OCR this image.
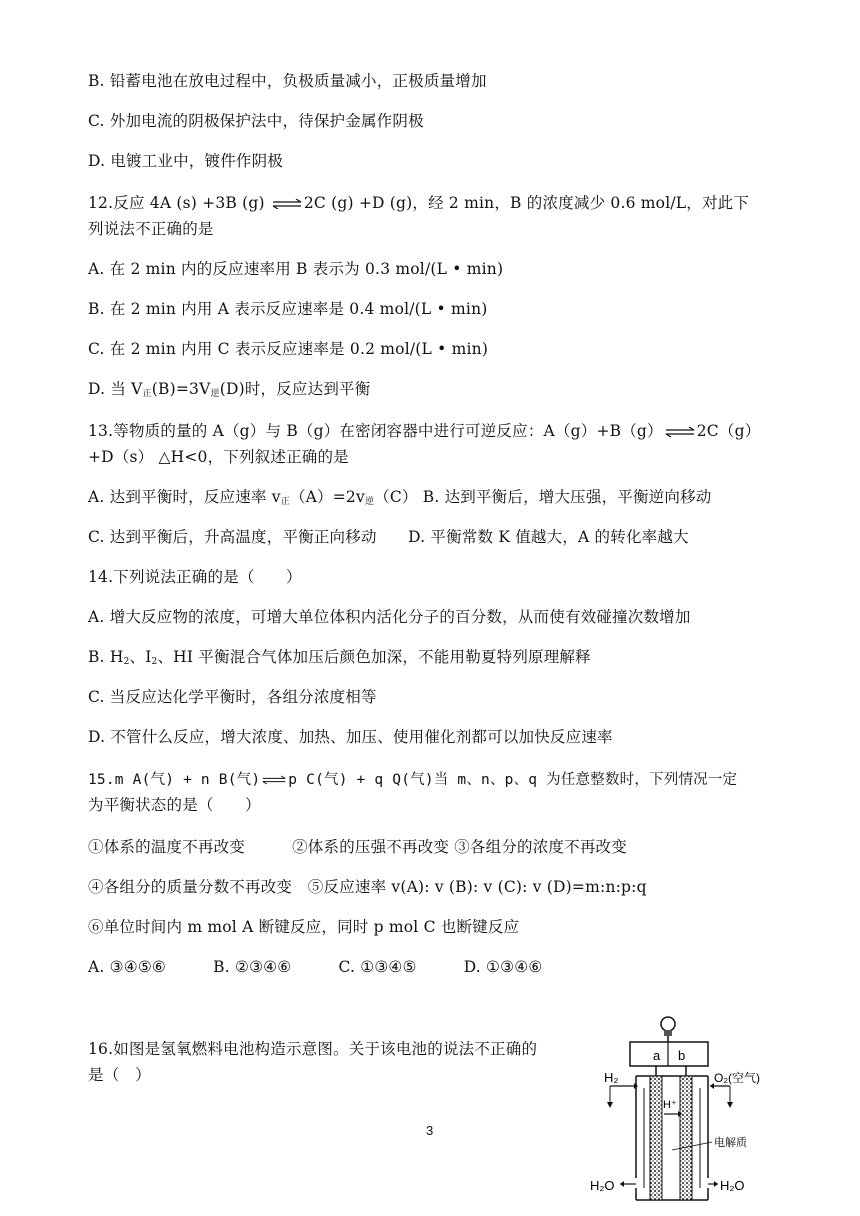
B. 铅蓄电池在放电过程中，负极质量减小，正极质量增加
C. 外加电流的阴极保护法中，待保护金属作阴极
D. 电镀工业中，镀件作阴极
12.反应 4A (s) +3B (g) ⇌ 2C (g) +D (g)，经 2 min，B 的浓度减少 0.6 mol/L，对此下
列说法不正确的是
A. 在 2 min 内的反应速率用 B 表示为 0.3 mol/(L • min)
B. 在 2 min 内用 A 表示反应速率是 0.4 mol/(L • min)
C. 在 2 min 内用 C 表示反应速率是 0.2 mol/(L • min)
D. 当 $V_正(B)=3V_逆(D)$时，反应达到平衡
13.等物质的量的 A（g）与 B（g）在密闭容器中进行可逆反应：A（g）+B（g） ⇌ 2C（g）
+D（s） △H<0，下列叙述正确的是
A. 达到平衡时，反应速率 $v_正(A)=2v_逆(C)$ B. 达到平衡后，增大压强，平衡逆向移动
C. 达到平衡后，升高温度，平衡正向移动　　D. 平衡常数 K 值越大，A 的转化率越大
14.下列说法正确的是（　　）
A. 增大反应物的浓度，可增大单位体积内活化分子的百分数，从而使有效碰撞次数增加
B. $H_2$、$I_2$、HI 平衡混合气体加压后颜色加深，不能用勒夏特列原理解释
C. 当反应达化学平衡时，各组分浓度相等
D. 不管什么反应，增大浓度、加热、加压、使用催化剂都可以加快反应速率
15.m A(气) + n B(气) ⇌ p C(气) + q Q(气)当 m、n、p、q 为任意整数时，下列情况一定
为平衡状态的是（　　）
①体系的温度不再改变　　　②体系的压强不再改变 ③各组分的浓度不再改变
④各组分的质量分数不再改变　⑤反应速率 v(A): v (B): v (C): v (D)=m:n:p:q
⑥单位时间内 m mol A 断键反应，同时 p mol C 也断键反应
A. ③④⑤⑥　　　B. ②③④⑥　　　C. ①③④⑤　　　D. ①③④⑥
16.如图是氢氧燃料电池构造示意图。关于该电池的说法不正确的
是（　）
3
a b
H⁺
H₂	O₂(空气)
电解质
H₂O	H₂O
